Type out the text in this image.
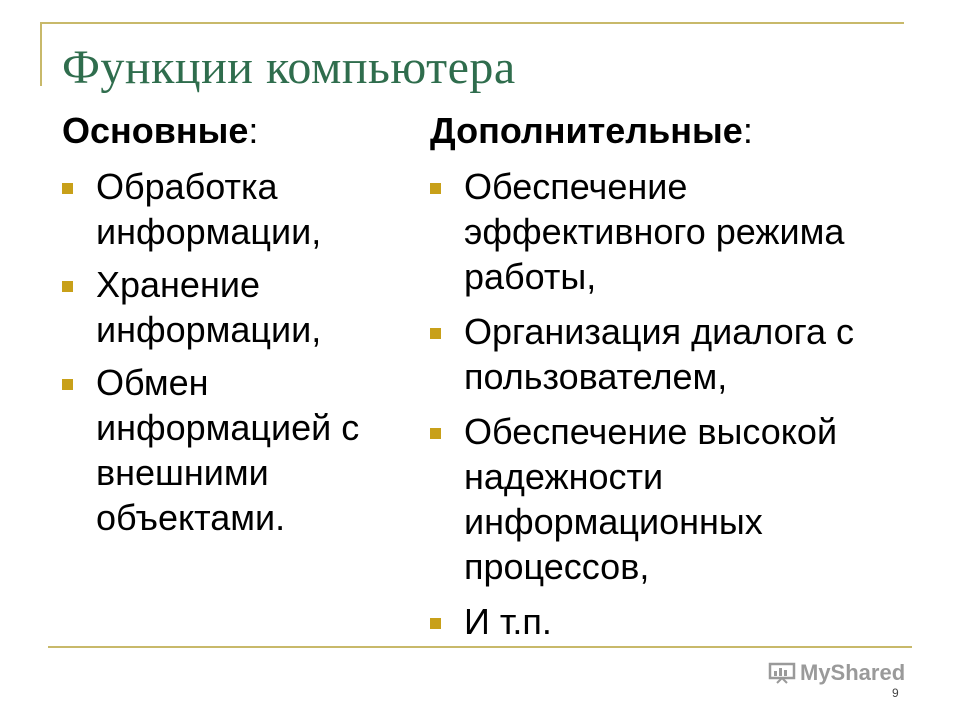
Функции компьютера
Основные:
Обработка информации,
Хранение информации,
Обмен информацией с внешними объектами.
Дополнительные:
Обеспечение эффективного режима работы,
Организация диалога с пользователем,
Обеспечение высокой надежности информационных процессов,
И т.п.
MyShared
9
